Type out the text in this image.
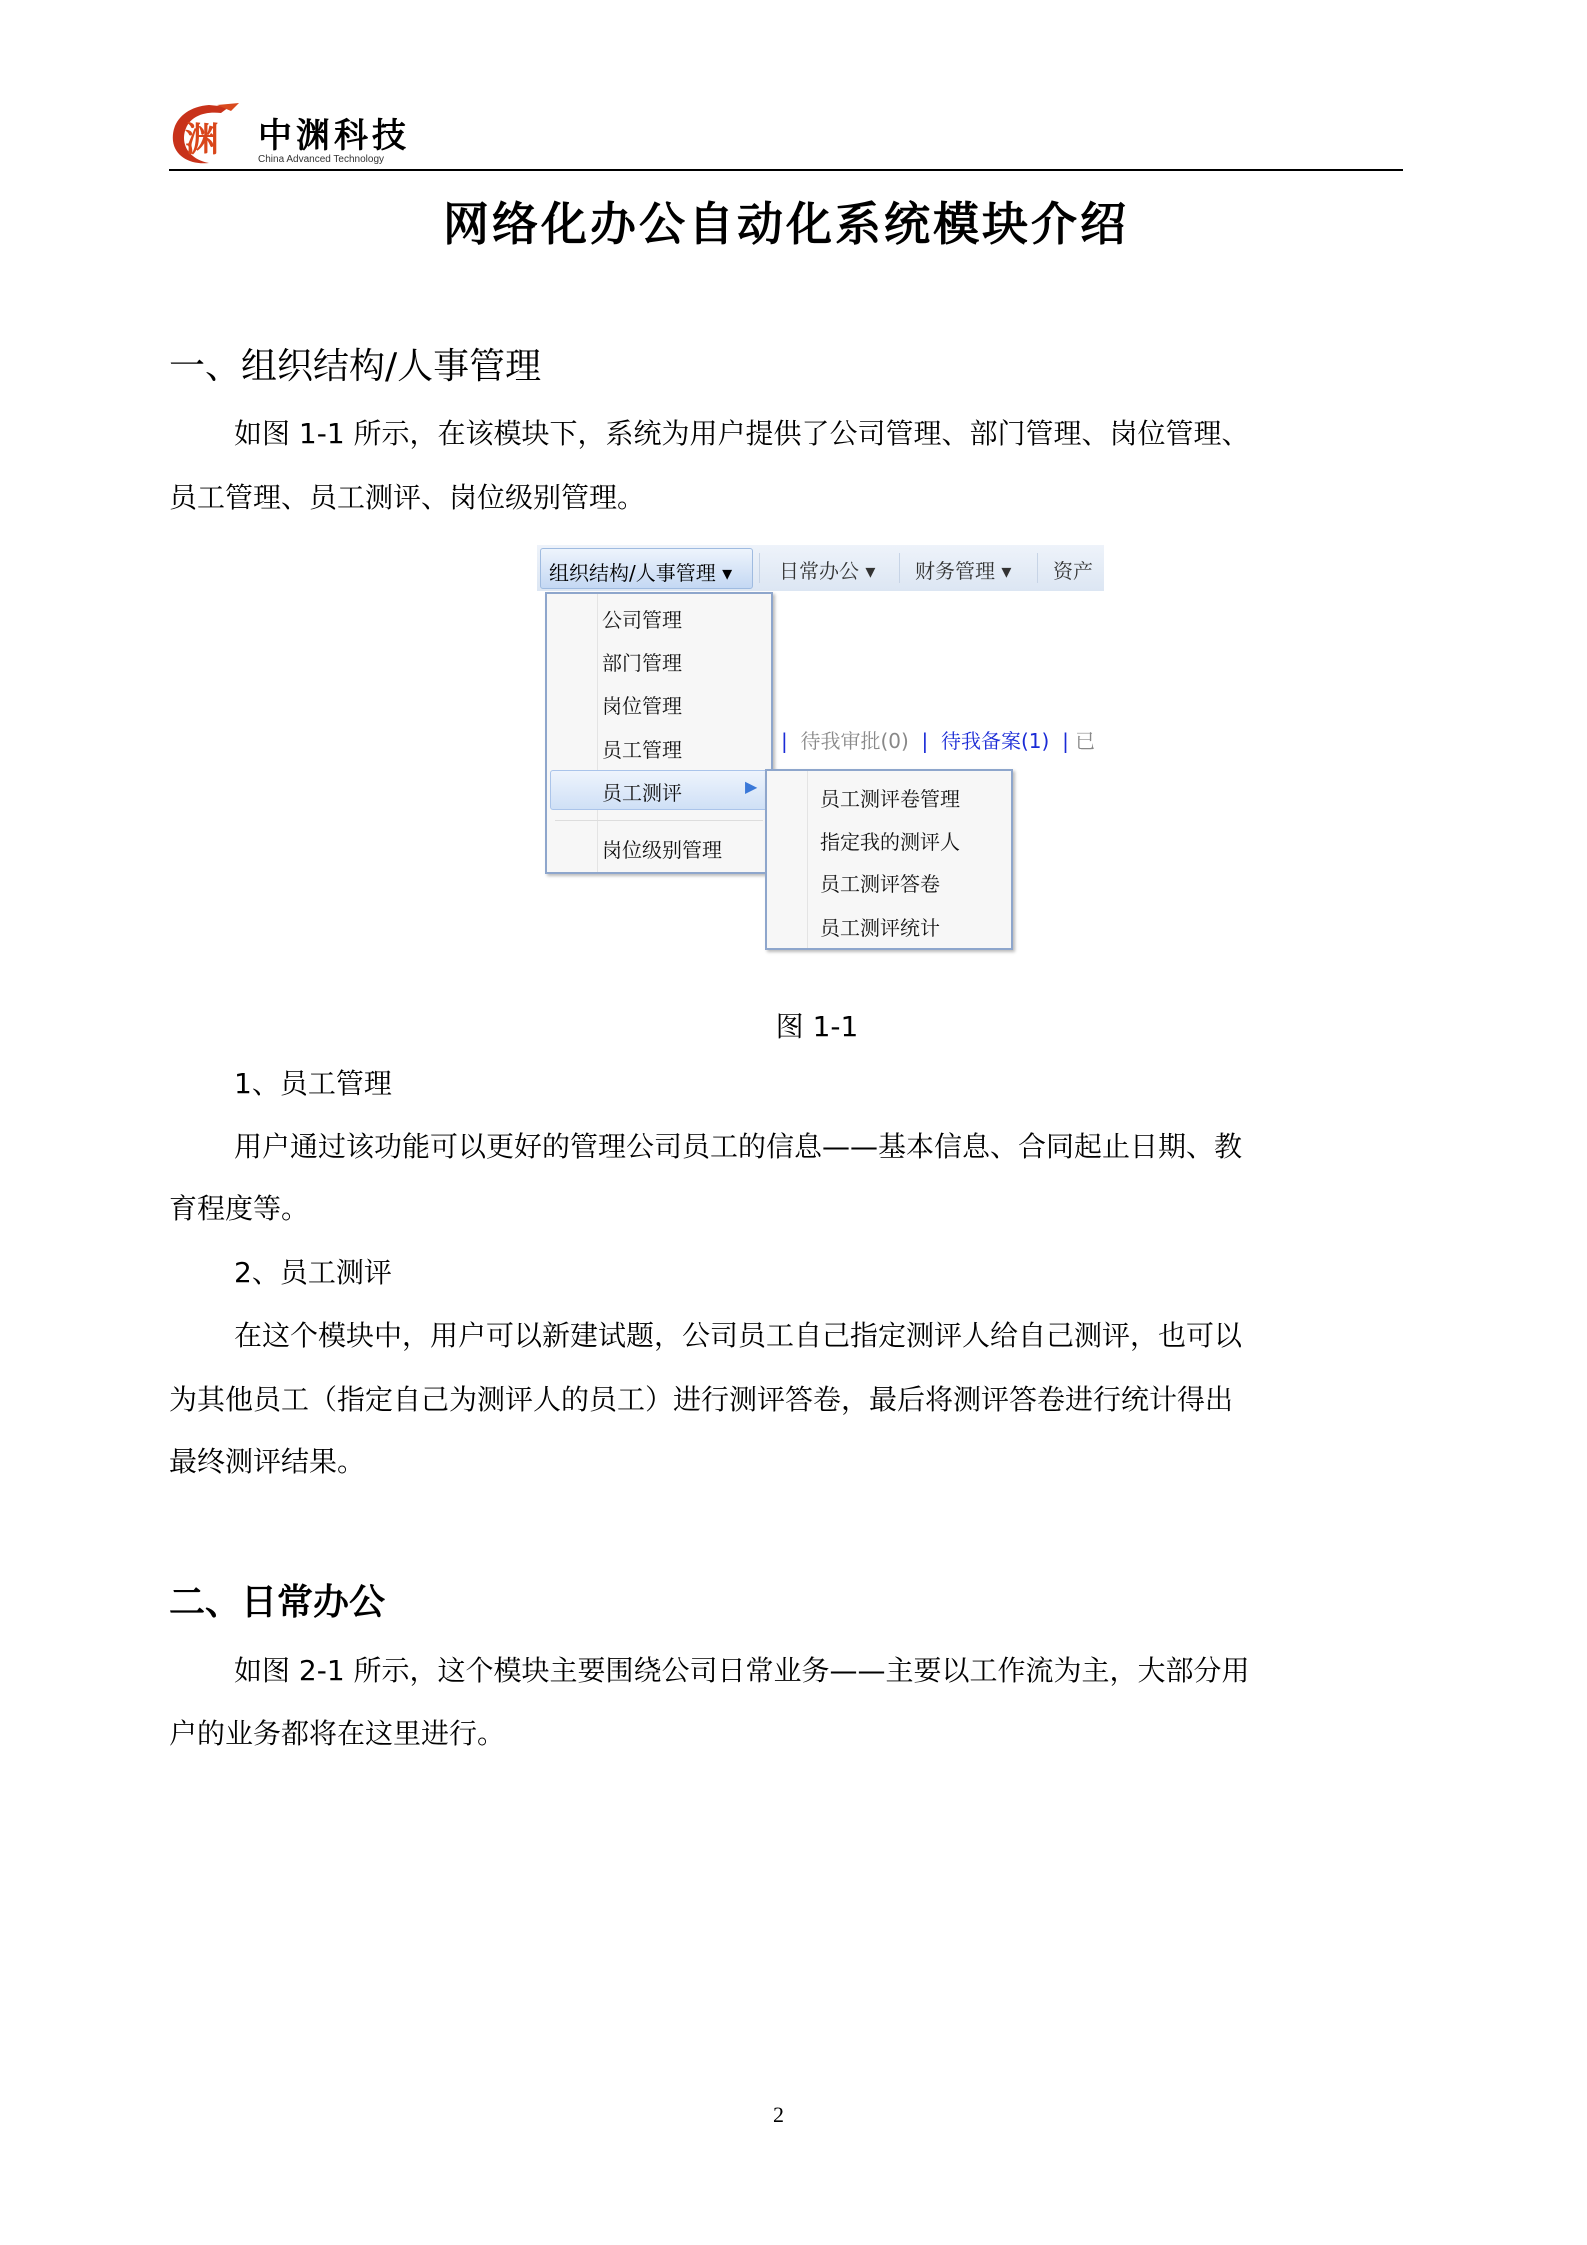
渊 中渊科技
China Advanced Technology
网络化办公自动化系统模块介绍
一、组织结构/人事管理
如图 1-1 所示，在该模块下，系统为用户提供了公司管理、部门管理、岗位管理、
员工管理、员工测评、岗位级别管理。
组织结构/人事管理 ▾	日常办公 ▾ 财务管理 ▾ 资产
| 待我审批(0) | 待我备案(1) | 已
公司管理
部门管理
岗位管理
员工管理
员工测评	▶
岗位级别管理
员工测评卷管理
指定我的测评人
员工测评答卷
员工测评统计
图 1-1
1、员工管理
用户通过该功能可以更好的管理公司员工的信息——基本信息、合同起止日期、教
育程度等。
2、员工测评
在这个模块中，用户可以新建试题，公司员工自己指定测评人给自己测评，也可以
为其他员工（指定自己为测评人的员工）进行测评答卷，最后将测评答卷进行统计得出
最终测评结果。
二、日常办公
如图 2-1 所示，这个模块主要围绕公司日常业务——主要以工作流为主，大部分用
户的业务都将在这里进行。
2
